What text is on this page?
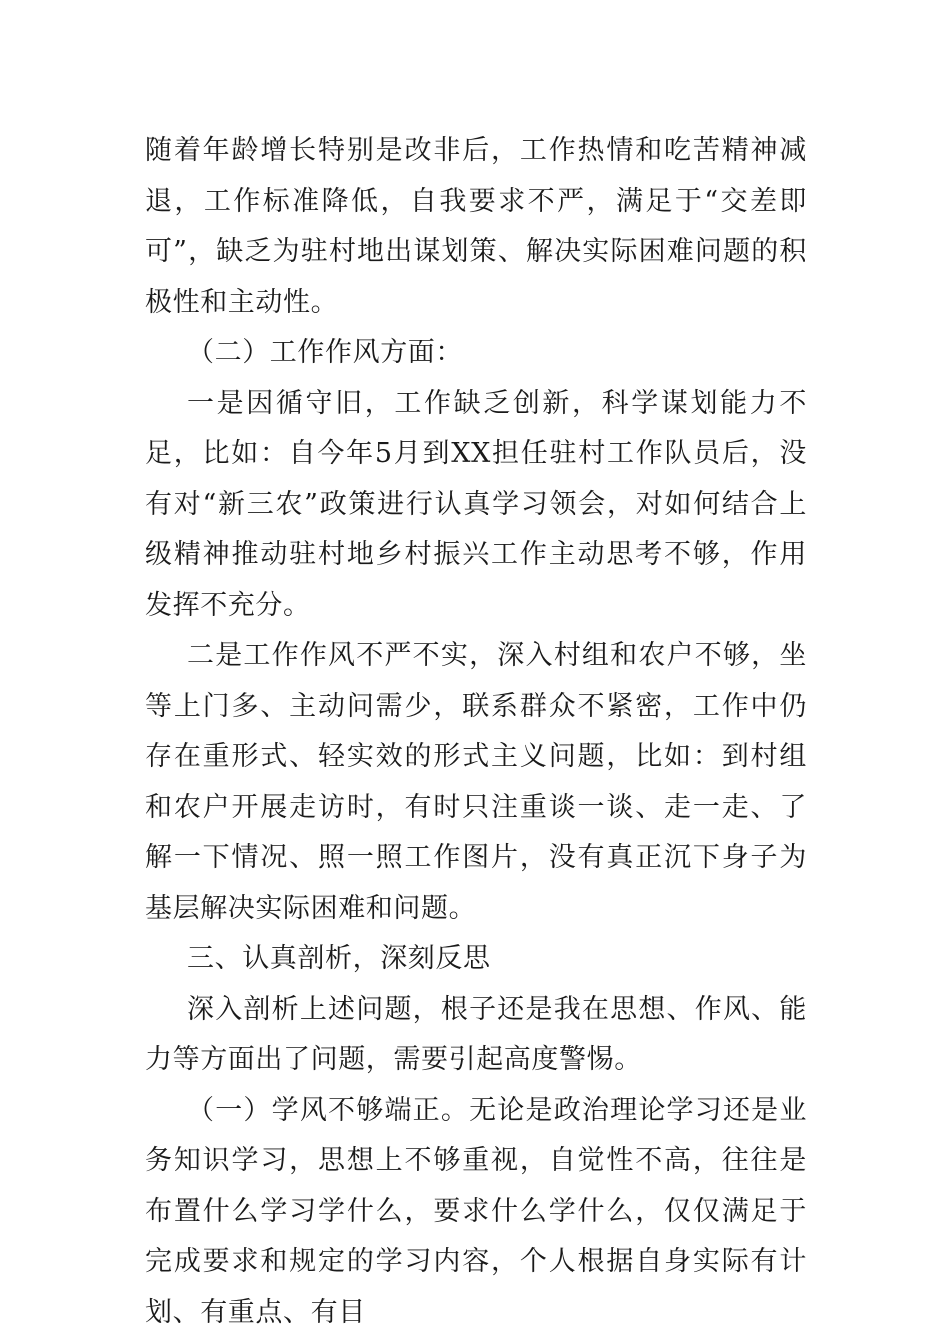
随着年龄增长特别是改非后，工作热情和吃苦精神减退，工作标准降低，自我要求不严，满足于“交差即可”，缺乏为驻村地出谋划策、解决实际困难问题的积极性和主动性。

（二）工作作风方面：

一是因循守旧，工作缺乏创新，科学谋划能力不足，比如：自今年5月到XX担任驻村工作队员后，没有对“新三农”政策进行认真学习领会，对如何结合上级精神推动驻村地乡村振兴工作主动思考不够，作用发挥不充分。

二是工作作风不严不实，深入村组和农户不够，坐等上门多、主动问需少，联系群众不紧密，工作中仍存在重形式、轻实效的形式主义问题，比如：到村组和农户开展走访时，有时只注重谈一谈、走一走、了解一下情况、照一照工作图片，没有真正沉下身子为基层解决实际困难和问题。

三、认真剖析，深刻反思

深入剖析上述问题，根子还是我在思想、作风、能力等方面出了问题，需要引起高度警惕。

（一）学风不够端正。无论是政治理论学习还是业务知识学习，思想上不够重视，自觉性不高，往往是布置什么学习学什么，要求什么学什么，仅仅满足于完成要求和规定的学习内容，个人根据自身实际有计划、有重点、有目
